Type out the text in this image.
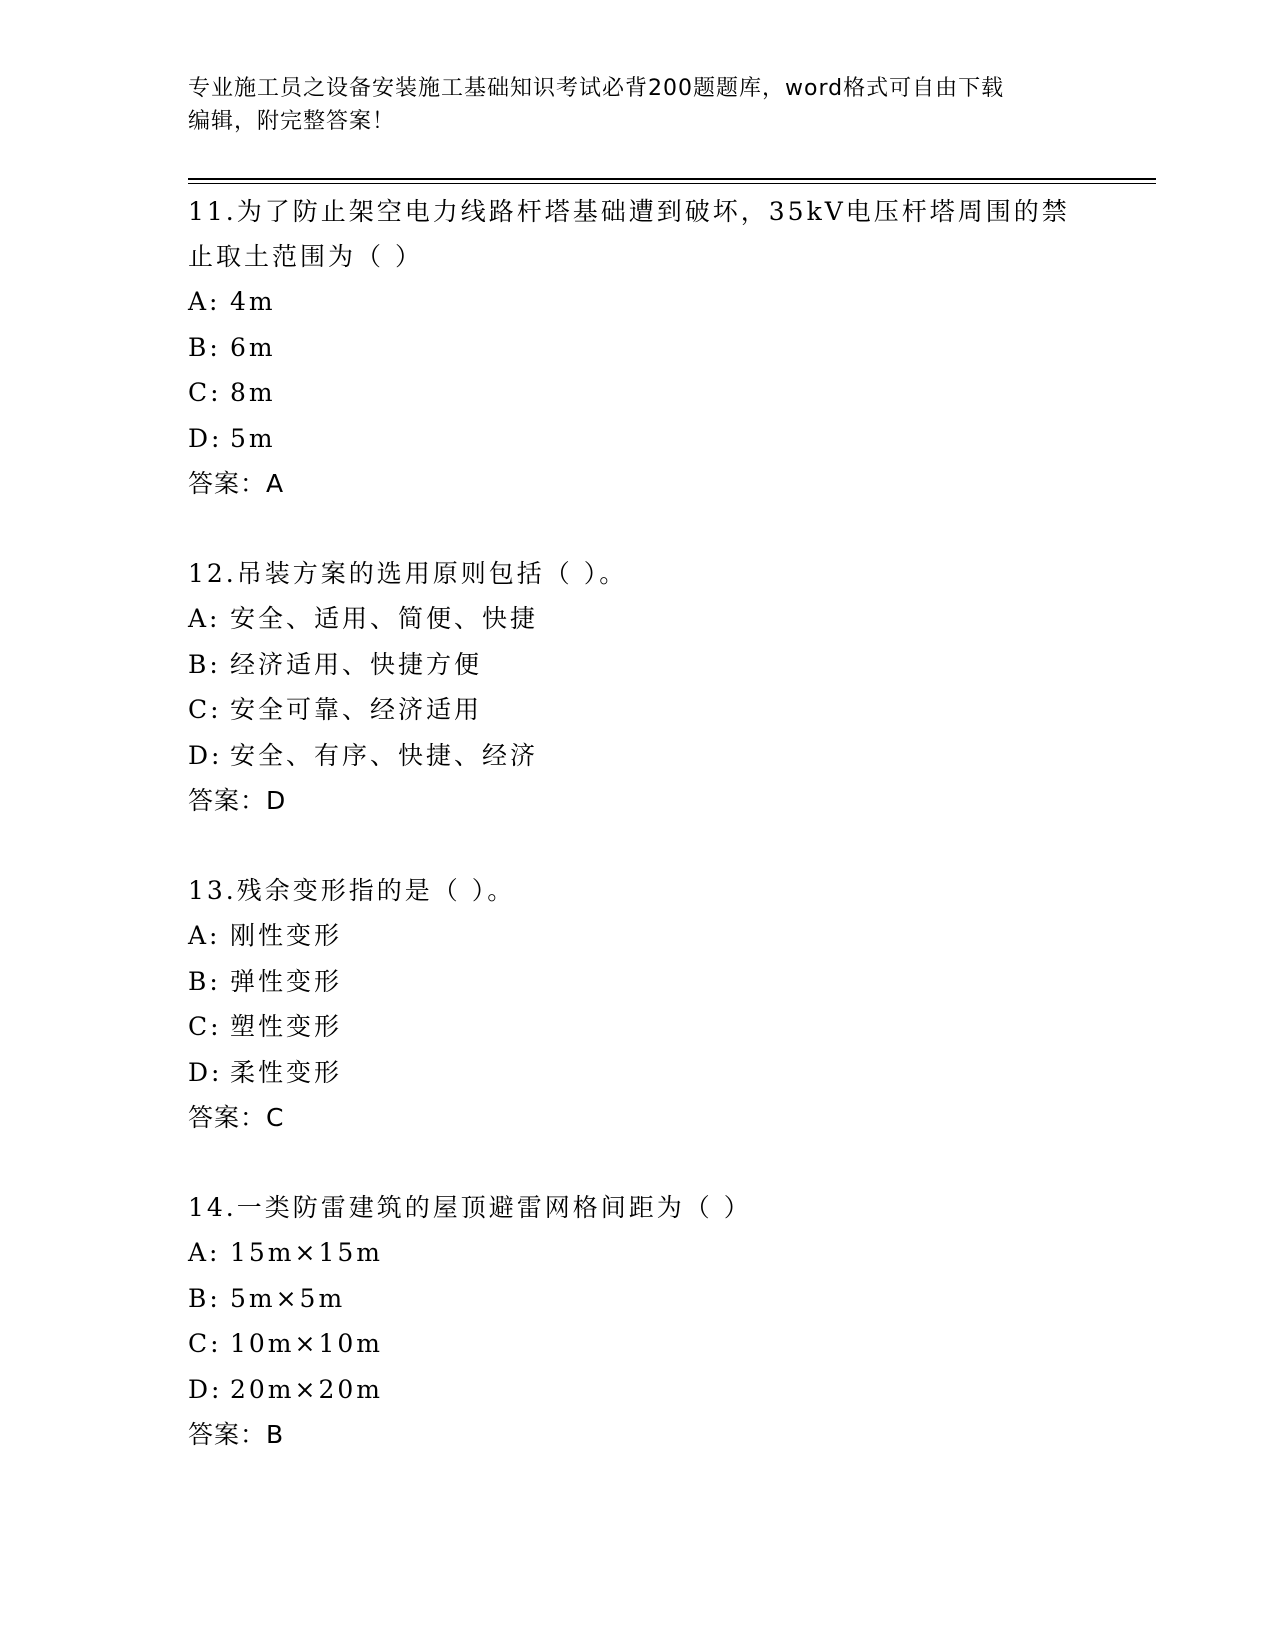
专业施工员之设备安装施工基础知识考试必背200题题库，word格式可自由下载
编辑，附完整答案！

11.为了防止架空电力线路杆塔基础遭到破坏，35kV电压杆塔周围的禁

止取土范围为（ ）

A: 4m

B: 6m

C: 8m

D: 5m

答案：A

12.吊装方案的选用原则包括（ ）。

A: 安全、适用、简便、快捷

B: 经济适用、快捷方便

C: 安全可靠、经济适用

D: 安全、有序、快捷、经济

答案：D

13.残余变形指的是（ ）。

A: 刚性变形

B: 弹性变形

C: 塑性变形

D: 柔性变形

答案：C

14.一类防雷建筑的屋顶避雷网格间距为（ ）

A: 15m×15m

B: 5m×5m

C: 10m×10m

D: 20m×20m

答案：B
